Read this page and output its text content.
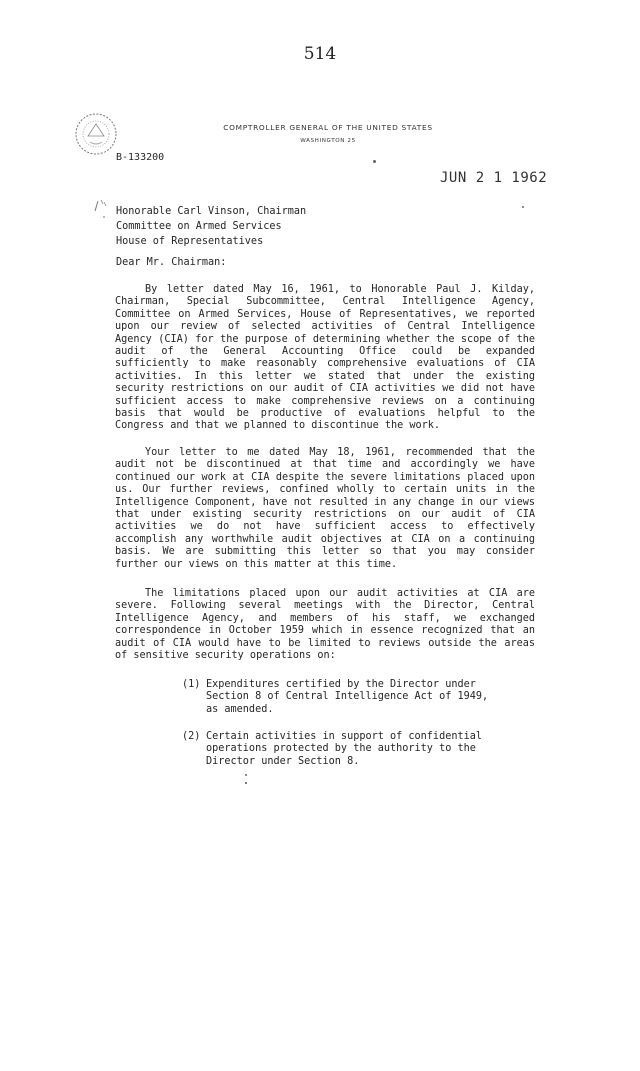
514
COMPTROLLER GENERAL OF THE UNITED STATES
WASHINGTON 25
B-133200
JUN 2 1 1962
Honorable Carl Vinson, Chairman
Committee on Armed Services
House of Representatives
Dear Mr. Chairman:
By letter dated May 16, 1961, to Honorable Paul J. Kilday, Chairman, Special Subcommittee, Central Intelligence Agency, Committee on Armed Services, House of Representatives, we reported upon our review of selected activities of Central Intelligence Agency (CIA) for the purpose of determining whether the scope of the audit of the General Accounting Office could be expanded sufficiently to make reasonably comprehensive evaluations of CIA activities. In this letter we stated that under the existing security restrictions on our audit of CIA activities we did not have sufficient access to make comprehensive reviews on a continuing basis that would be productive of evaluations helpful to the Congress and that we planned to discontinue the work.
Your letter to me dated May 18, 1961, recommended that the audit not be discontinued at that time and accordingly we have continued our work at CIA despite the severe limitations placed upon us. Our further reviews, confined wholly to certain units in the Intelligence Component, have not resulted in any change in our views that under existing security restrictions on our audit of CIA activities we do not have sufficient access to effectively accomplish any worthwhile audit objectives at CIA on a continuing basis. We are submitting this letter so that you may consider further our views on this matter at this time.
The limitations placed upon our audit activities at CIA are severe. Following several meetings with the Director, Central Intelligence Agency, and members of his staff, we exchanged correspondence in October 1959 which in essence recognized that an audit of CIA would have to be limited to reviews outside the areas of sensitive security operations on:
(1) Expenditures certified by the Director under Section 8 of Central Intelligence Act of 1949, as amended.
(2) Certain activities in support of confidential operations protected by the authority to the Director under Section 8.
